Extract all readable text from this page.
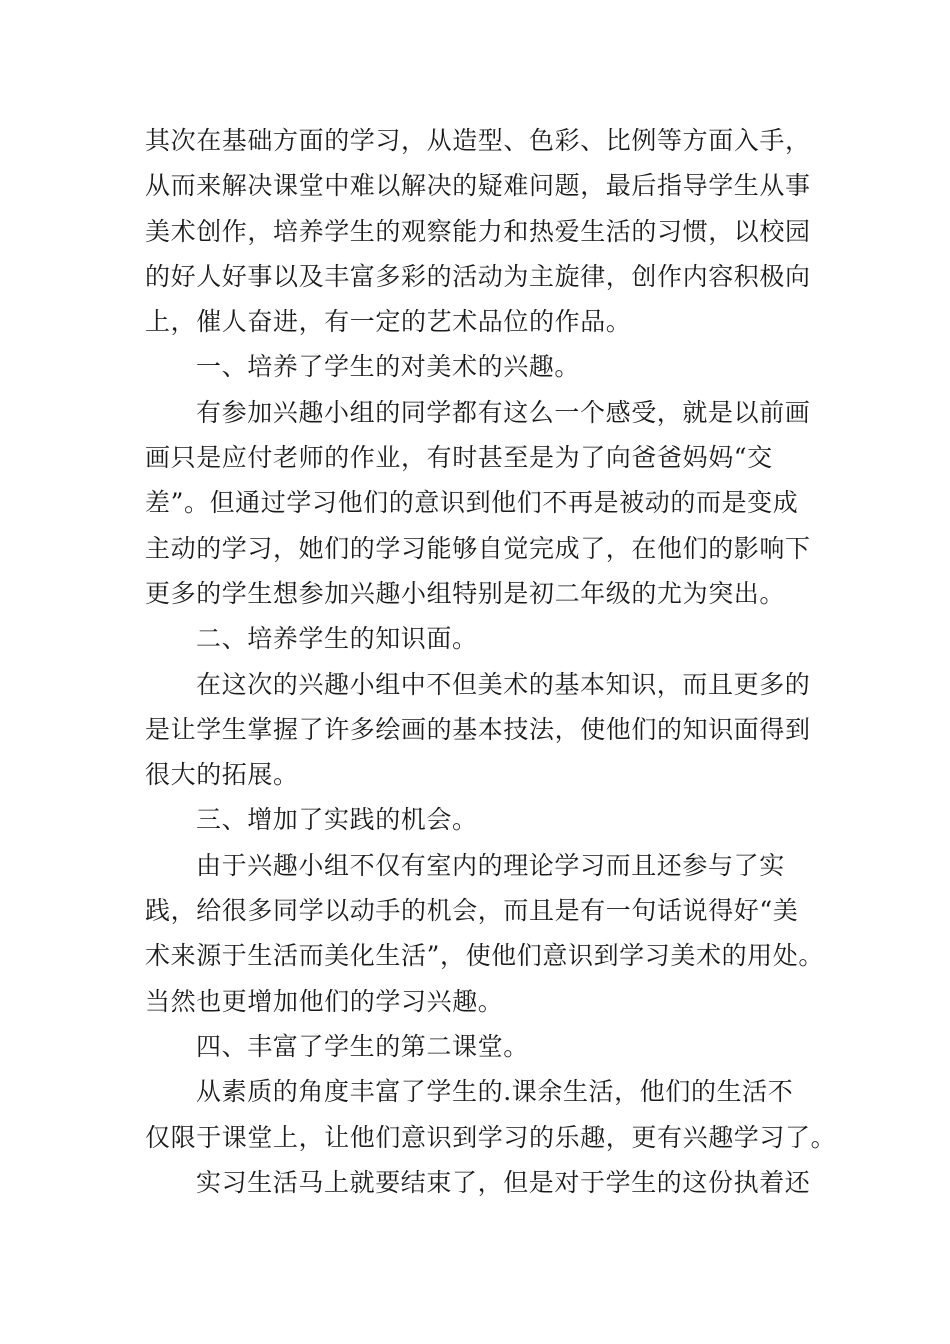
其次在基础方面的学习，从造型、色彩、比例等方面入手，
从而来解决课堂中难以解决的疑难问题，最后指导学生从事
美术创作，培养学生的观察能力和热爱生活的习惯，以校园
的好人好事以及丰富多彩的活动为主旋律，创作内容积极向
上，催人奋进，有一定的艺术品位的作品。
一、培养了学生的对美术的兴趣。
有参加兴趣小组的同学都有这么一个感受，就是以前画
画只是应付老师的作业，有时甚至是为了向爸爸妈妈“交
差”。但通过学习他们的意识到他们不再是被动的而是变成
主动的学习，她们的学习能够自觉完成了，在他们的影响下
更多的学生想参加兴趣小组特别是初二年级的尤为突出。
二、培养学生的知识面。
在这次的兴趣小组中不但美术的基本知识，而且更多的
是让学生掌握了许多绘画的基本技法，使他们的知识面得到
很大的拓展。
三、增加了实践的机会。
由于兴趣小组不仅有室内的理论学习而且还参与了实
践，给很多同学以动手的机会，而且是有一句话说得好“美
术来源于生活而美化生活”，使他们意识到学习美术的用处。
当然也更增加他们的学习兴趣。
四、丰富了学生的第二课堂。
从素质的角度丰富了学生的.课余生活，他们的生活不
仅限于课堂上，让他们意识到学习的乐趣，更有兴趣学习了。
实习生活马上就要结束了，但是对于学生的这份执着还
